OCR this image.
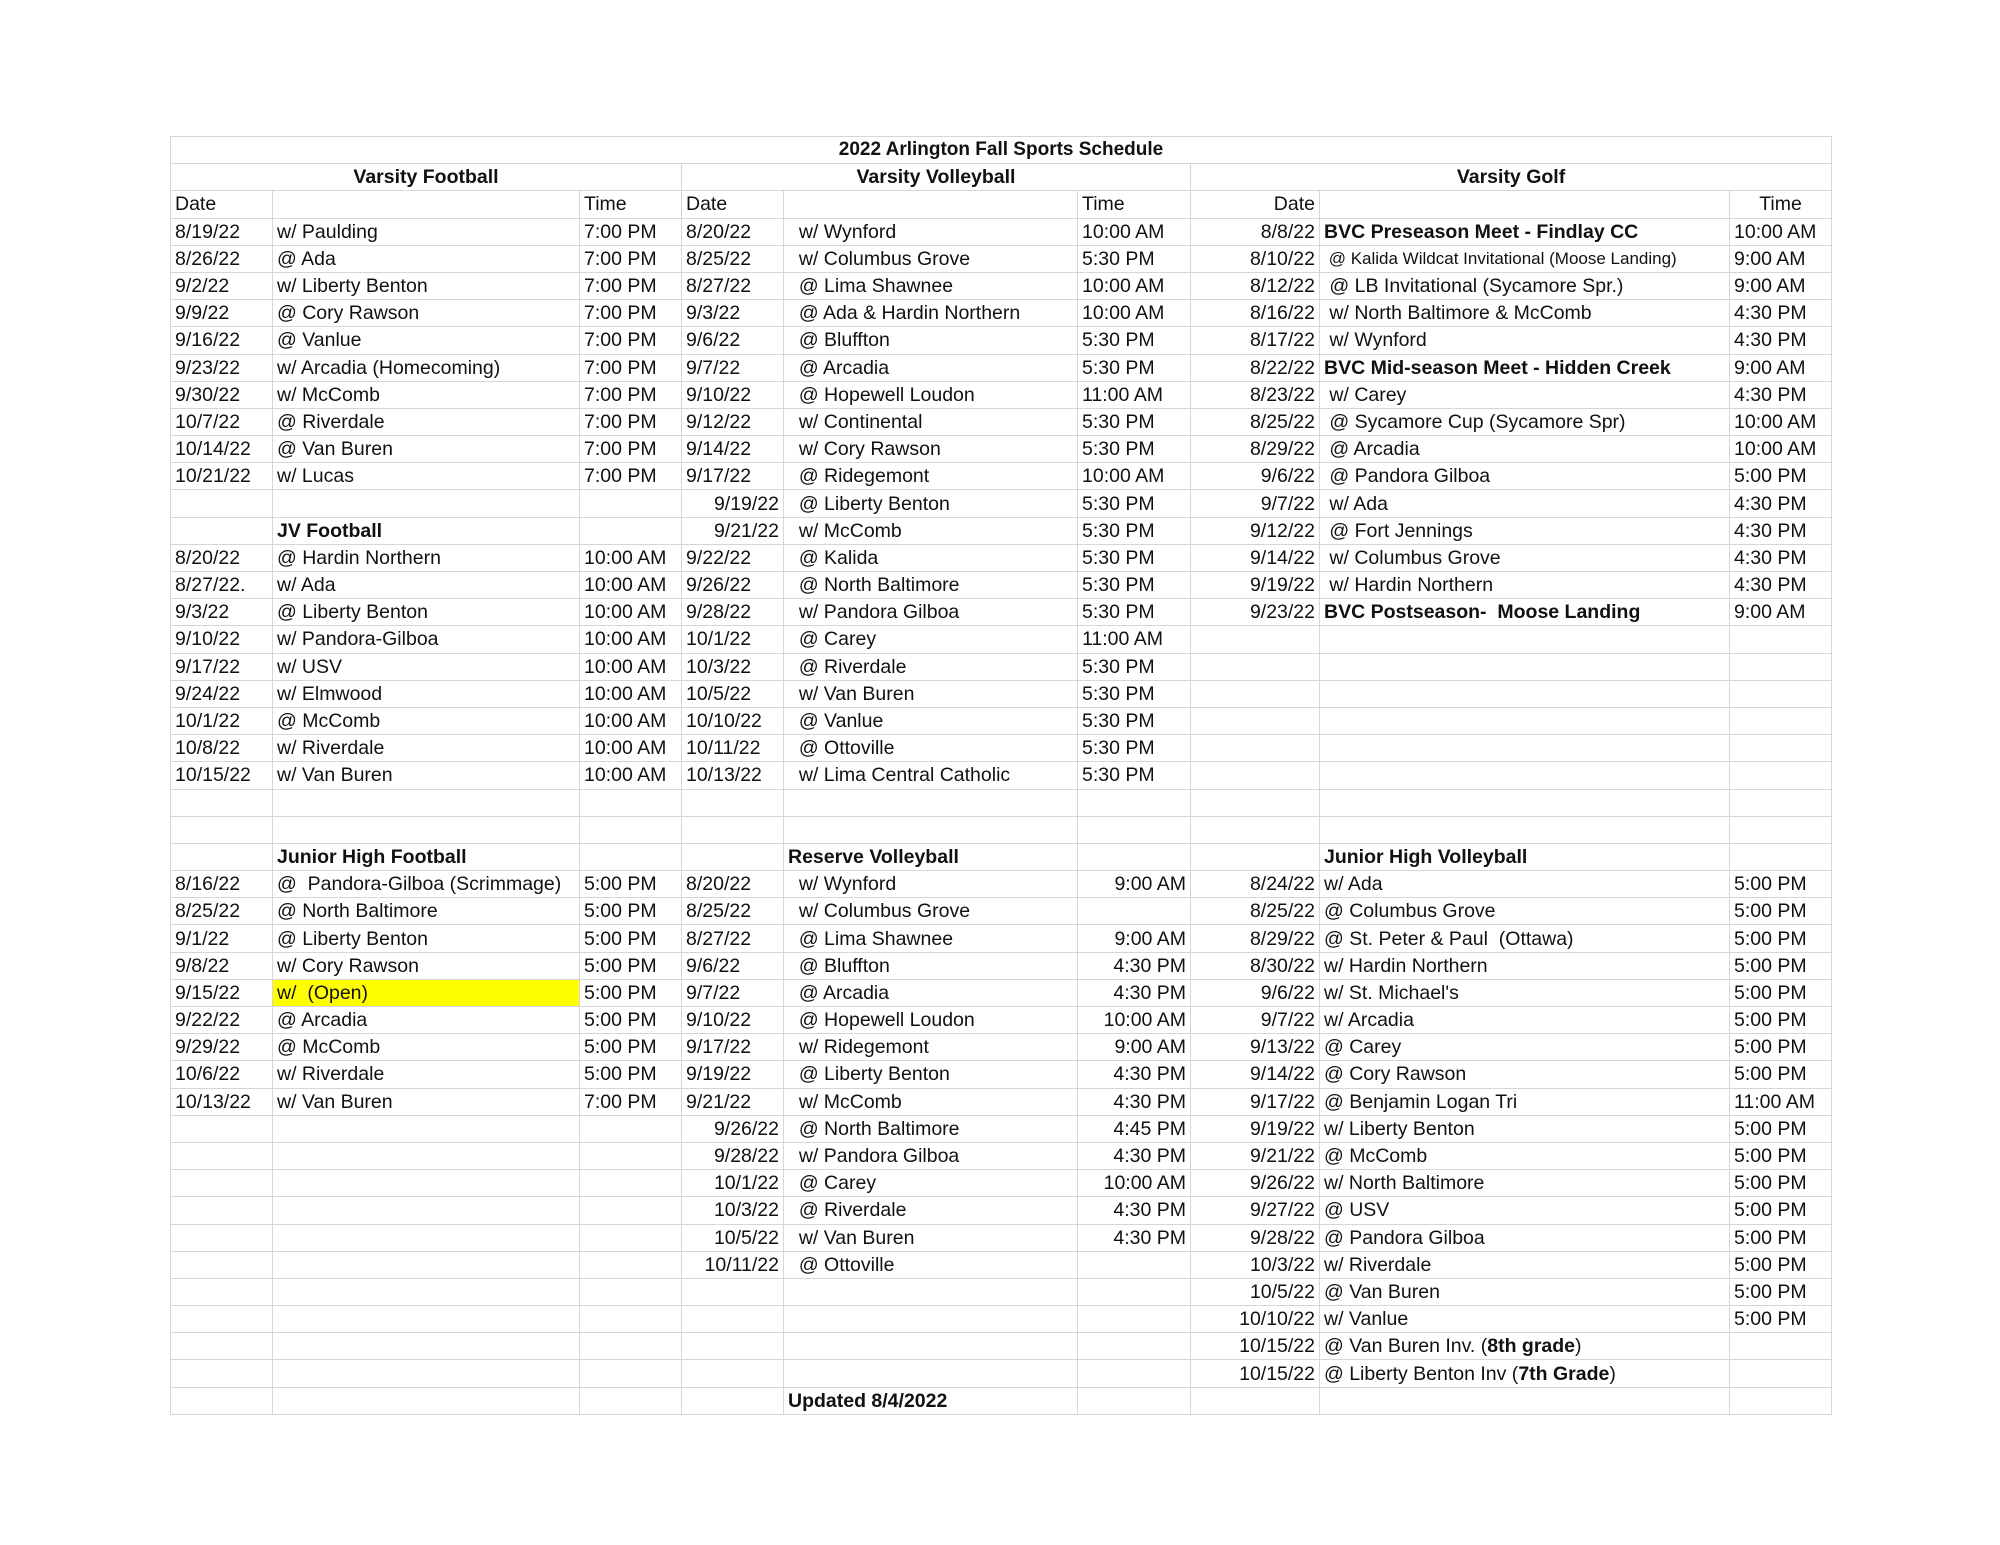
2022 Arlington Fall Sports Schedule								
Varsity Football			Varsity Volleyball			Varsity Golf		
Date		Time	Date		Time	Date		Time
8/19/22	w/ Paulding	7:00 PM	8/20/22	w/ Wynford	10:00 AM	8/8/22	BVC Preseason Meet - Findlay CC	10:00 AM
8/26/22	@ Ada	7:00 PM	8/25/22	w/ Columbus Grove	5:30 PM	8/10/22	@ Kalida Wildcat Invitational (Moose Landing)	9:00 AM
9/2/22	w/ Liberty Benton	7:00 PM	8/27/22	@ Lima Shawnee	10:00 AM	8/12/22	@ LB Invitational (Sycamore Spr.)	9:00 AM
9/9/22	@ Cory Rawson	7:00 PM	9/3/22	@ Ada & Hardin Northern	10:00 AM	8/16/22	w/ North Baltimore & McComb	4:30 PM
9/16/22	@ Vanlue	7:00 PM	9/6/22	@ Bluffton	5:30 PM	8/17/22	w/ Wynford	4:30 PM
9/23/22	w/ Arcadia (Homecoming)	7:00 PM	9/7/22	@ Arcadia	5:30 PM	8/22/22	BVC Mid-season Meet - Hidden Creek	9:00 AM
9/30/22	w/ McComb	7:00 PM	9/10/22	@ Hopewell Loudon	11:00 AM	8/23/22	w/ Carey	4:30 PM
10/7/22	@ Riverdale	7:00 PM	9/12/22	w/ Continental	5:30 PM	8/25/22	@ Sycamore Cup (Sycamore Spr)	10:00 AM
10/14/22	@ Van Buren	7:00 PM	9/14/22	w/ Cory Rawson	5:30 PM	8/29/22	@ Arcadia	10:00 AM
10/21/22	w/ Lucas	7:00 PM	9/17/22	@ Ridegemont	10:00 AM	9/6/22	@ Pandora Gilboa	5:00 PM
			9/19/22	@ Liberty Benton	5:30 PM	9/7/22	w/ Ada	4:30 PM
	JV Football		9/21/22	w/ McComb	5:30 PM	9/12/22	@ Fort Jennings	4:30 PM
8/20/22	@ Hardin Northern	10:00 AM	9/22/22	@ Kalida	5:30 PM	9/14/22	w/ Columbus Grove	4:30 PM
8/27/22.	w/ Ada	10:00 AM	9/26/22	@ North Baltimore	5:30 PM	9/19/22	w/ Hardin Northern	4:30 PM
9/3/22	@ Liberty Benton	10:00 AM	9/28/22	w/ Pandora Gilboa	5:30 PM	9/23/22	BVC Postseason-  Moose Landing	9:00 AM
9/10/22	w/ Pandora-Gilboa	10:00 AM	10/1/22	@ Carey	11:00 AM			
9/17/22	w/ USV	10:00 AM	10/3/22	@ Riverdale	5:30 PM			
9/24/22	w/ Elmwood	10:00 AM	10/5/22	w/ Van Buren	5:30 PM			
10/1/22	@ McComb	10:00 AM	10/10/22	@ Vanlue	5:30 PM			
10/8/22	w/ Riverdale	10:00 AM	10/11/22	@ Ottoville	5:30 PM			
10/15/22	w/ Van Buren	10:00 AM	10/13/22	w/ Lima Central Catholic	5:30 PM			

	Junior High Football			Reserve Volleyball			Junior High Volleyball	
8/16/22	@  Pandora-Gilboa (Scrimmage)	5:00 PM	8/20/22	w/ Wynford	9:00 AM	8/24/22	w/ Ada	5:00 PM
8/25/22	@ North Baltimore	5:00 PM	8/25/22	w/ Columbus Grove		8/25/22	@ Columbus Grove	5:00 PM
9/1/22	@ Liberty Benton	5:00 PM	8/27/22	@ Lima Shawnee	9:00 AM	8/29/22	@ St. Peter & Paul  (Ottawa)	5:00 PM
9/8/22	w/ Cory Rawson	5:00 PM	9/6/22	@ Bluffton	4:30 PM	8/30/22	w/ Hardin Northern	5:00 PM
9/15/22	w/  (Open)	5:00 PM	9/7/22	@ Arcadia	4:30 PM	9/6/22	w/ St. Michael's	5:00 PM
9/22/22	@ Arcadia	5:00 PM	9/10/22	@ Hopewell Loudon	10:00 AM	9/7/22	w/ Arcadia	5:00 PM
9/29/22	@ McComb	5:00 PM	9/17/22	w/ Ridegemont	9:00 AM	9/13/22	@ Carey	5:00 PM
10/6/22	w/ Riverdale	5:00 PM	9/19/22	@ Liberty Benton	4:30 PM	9/14/22	@ Cory Rawson	5:00 PM
10/13/22	w/ Van Buren	7:00 PM	9/21/22	w/ McComb	4:30 PM	9/17/22	@ Benjamin Logan Tri	11:00 AM
			9/26/22	@ North Baltimore	4:45 PM	9/19/22	w/ Liberty Benton	5:00 PM
			9/28/22	w/ Pandora Gilboa	4:30 PM	9/21/22	@ McComb	5:00 PM
			10/1/22	@ Carey	10:00 AM	9/26/22	w/ North Baltimore	5:00 PM
			10/3/22	@ Riverdale	4:30 PM	9/27/22	@ USV	5:00 PM
			10/5/22	w/ Van Buren	4:30 PM	9/28/22	@ Pandora Gilboa	5:00 PM
			10/11/22	@ Ottoville		10/3/22	w/ Riverdale	5:00 PM
						10/5/22	@ Van Buren	5:00 PM
						10/10/22	w/ Vanlue	5:00 PM
						10/15/22	@ Van Buren Inv. (8th grade)	
						10/15/22	@ Liberty Benton Inv (7th Grade)	
				Updated 8/4/2022				
